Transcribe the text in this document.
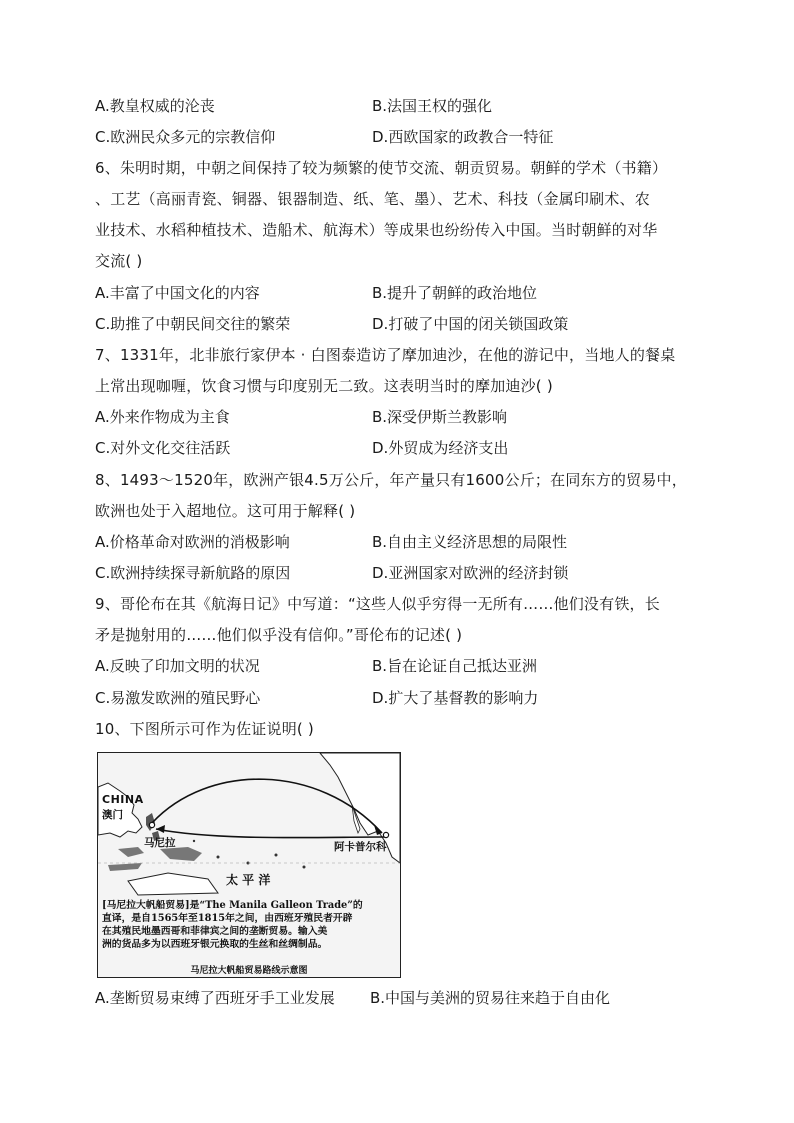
A.教皇权威的沦丧	B.法国王权的强化
C.欧洲民众多元的宗教信仰	D.西欧国家的政教合一特征
6、朱明时期，中朝之间保持了较为频繁的使节交流、朝贡贸易。朝鲜的学术（书籍）
、工艺（高丽青瓷、铜器、银器制造、纸、笔、墨）、艺术、科技（金属印刷术、农
业技术、水稻种植技术、造船术、航海术）等成果也纷纷传入中国。当时朝鲜的对华
交流( )
A.丰富了中国文化的内容	B.提升了朝鲜的政治地位
C.助推了中朝民间交往的繁荣	D.打破了中国的闭关锁国政策
7、1331年，北非旅行家伊本 · 白图泰造访了摩加迪沙，在他的游记中，当地人的餐桌
上常出现咖喱，饮食习惯与印度别无二致。这表明当时的摩加迪沙( )
A.外来作物成为主食	B.深受伊斯兰教影响
C.对外文化交往活跃	D.外贸成为经济支出
8、1493～1520年，欧洲产银4.5万公斤，年产量只有1600公斤；在同东方的贸易中，
欧洲也处于入超地位。这可用于解释( )
A.价格革命对欧洲的消极影响	B.自由主义经济思想的局限性
C.欧洲持续探寻新航路的原因	D.亚洲国家对欧洲的经济封锁
9、哥伦布在其《航海日记》中写道：“这些人似乎穷得一无所有……他们没有铁，长
矛是抛射用的……他们似乎没有信仰。”哥伦布的记述( )
A.反映了印加文明的状况	B.旨在论证自己抵达亚洲
C.易激发欧洲的殖民野心	D.扩大了基督教的影响力
10、下图所示可作为佐证说明( )
CHINA
澳门
马尼拉	阿卡普尔科
太 平 洋
[马尼拉大帆船贸易]是“The Manila Galleon Trade”的
直译，是自1565年至1815年之间，由西班牙殖民者开辟
在其殖民地墨西哥和菲律宾之间的垄断贸易。输入美
洲的货品多为以西班牙银元换取的生丝和丝绸制品。
马尼拉大帆船贸易路线示意图
A.垄断贸易束缚了西班牙手工业发展 B.中国与美洲的贸易往来趋于自由化
